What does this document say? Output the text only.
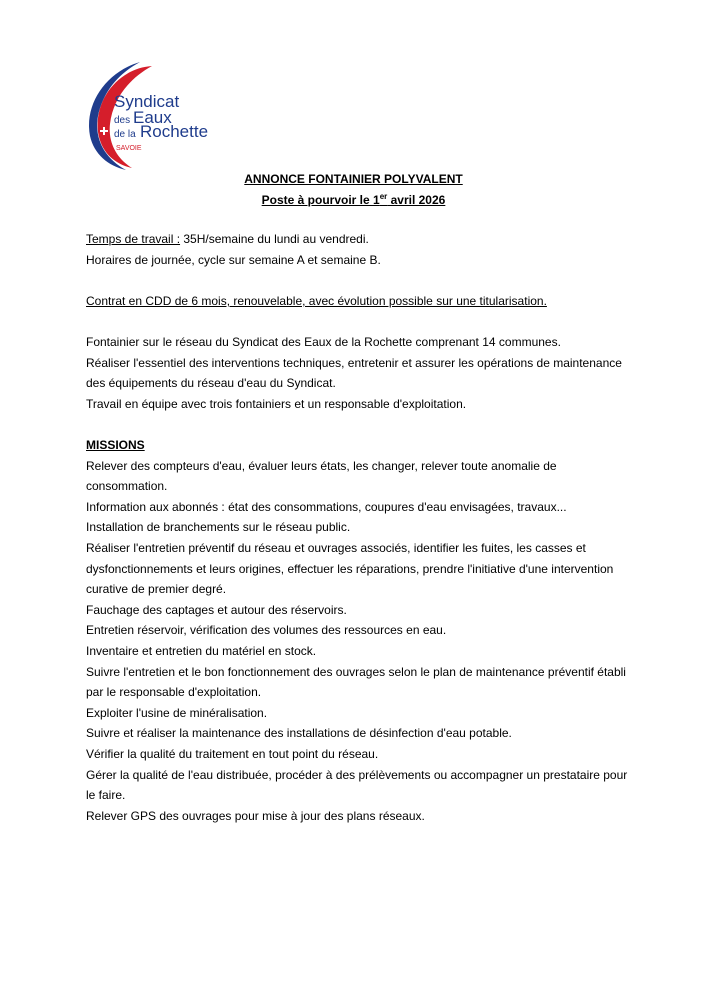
Syndicat
des Eaux
de la Rochette
SAVOIE
ANNONCE FONTAINIER POLYVALENT
Poste à pourvoir le 1er avril 2026

Temps de travail : 35H/semaine du lundi au vendredi.

Horaires de journée, cycle sur semaine A et semaine B.

Contrat en CDD de 6 mois, renouvelable, avec évolution possible sur une titularisation.

Fontainier sur le réseau du Syndicat des Eaux de la Rochette comprenant 14 communes.

Réaliser l'essentiel des interventions techniques, entretenir et assurer les opérations de maintenance

des équipements du réseau d'eau du Syndicat.

Travail en équipe avec trois fontainiers et un responsable d'exploitation.

MISSIONS

Relever des compteurs d'eau, évaluer leurs états, les changer, relever toute anomalie de

consommation.

Information aux abonnés : état des consommations, coupures d'eau envisagées, travaux...

Installation de branchements sur le réseau public.

Réaliser l'entretien préventif du réseau et ouvrages associés, identifier les fuites, les casses et

dysfonctionnements et leurs origines, effectuer les réparations, prendre l'initiative d'une intervention

curative de premier degré.

Fauchage des captages et autour des réservoirs.

Entretien réservoir, vérification des volumes des ressources en eau.

Inventaire et entretien du matériel en stock.

Suivre l'entretien et le bon fonctionnement des ouvrages selon le plan de maintenance préventif établi

par le responsable d'exploitation.

Exploiter l'usine de minéralisation.

Suivre et réaliser la maintenance des installations de désinfection d'eau potable.

Vérifier la qualité du traitement en tout point du réseau.

Gérer la qualité de l'eau distribuée, procéder à des prélèvements ou accompagner un prestataire pour

le faire.

Relever GPS des ouvrages pour mise à jour des plans réseaux.
